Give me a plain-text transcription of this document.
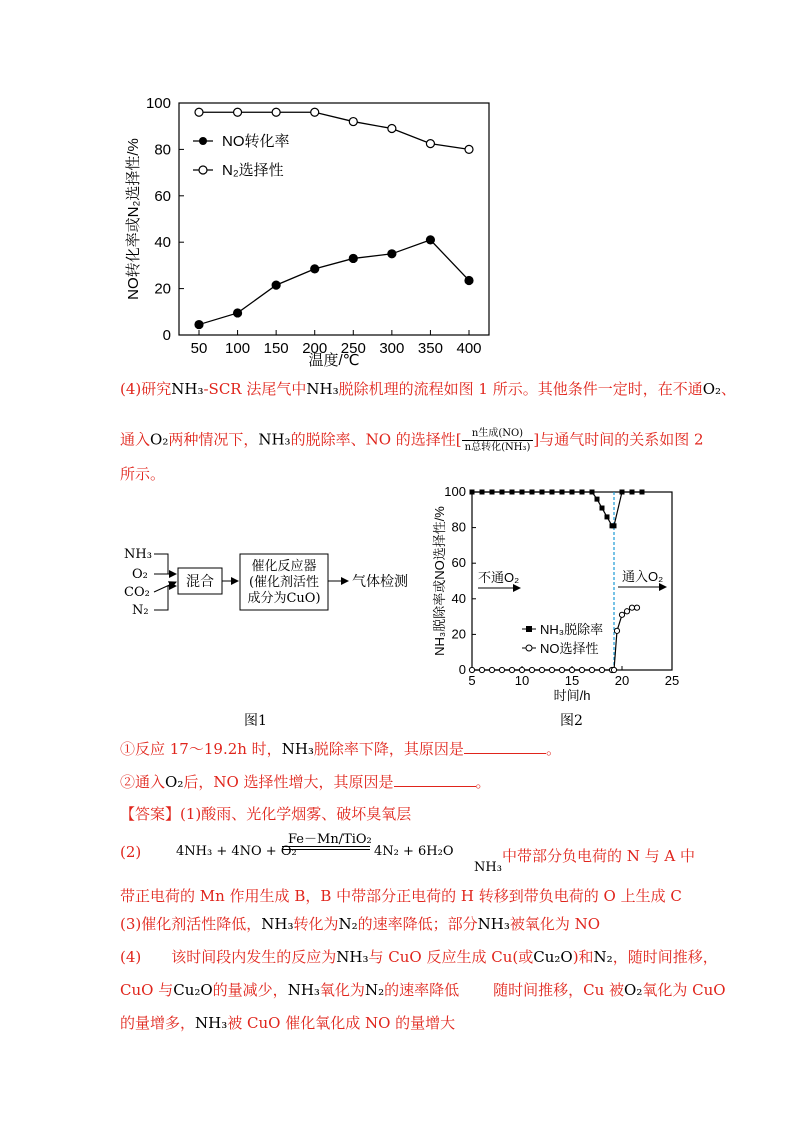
0
20
40
60
80
100
50 100 150 200 250 300 350 400
温度/℃
NO转化率或N₂选择性/%	NO转化率
N₂选择性
(4)研究NH₃-SCR 法尾气中NH₃脱除机理的流程如图 1 所示。其他条件一定时，在不通O₂、
通入O₂两种情况下，NH₃的脱除率、NO 的选择性[ $\frac{\text{n生成(NO)}}{\text{n总转化(NH₃)}}$ ]与通气时间的关系如图 2
所示。
NH₃
O₂
CO₂
N₂
混合
催化反应器
(催化剂活性
成分为CuO)
气体检测
图1
0
20
40
60
80
100
5	10	15	20	25
时间/h
NH₃脱除率或NO选择性/% 不通O₂	通入O₂
NH₃脱除率
NO选择性
图2
①反应 17～19.2h 时，NH₃脱除率下降，其原因是	。
②通入O₂后，NO 选择性增大，其原因是	。
【答案】(1)酸雨、光化学烟雾、破坏臭氧层
(2)	4NH₃ + 4NO + O₂
Fe－Mn/TiO₂
4N₂ + 6H₂O
NH₃中带部分负电荷的 N 与 A 中
带正电荷的 Mn 作用生成 B，B 中带部分正电荷的 H 转移到带负电荷的 O 上生成 C
(3)催化剂活性降低，NH₃转化为N₂的速率降低；部分NH₃被氧化为 NO
(4) 该时间段内发生的反应为NH₃与 CuO 反应生成 Cu(或Cu₂O)和N₂，随时间推移，
CuO 与Cu₂O的量减少，NH₃氧化为N₂的速率降低 随时间推移，Cu 被O₂氧化为 CuO
的量增多，NH₃被 CuO 催化氧化成 NO 的量增大
